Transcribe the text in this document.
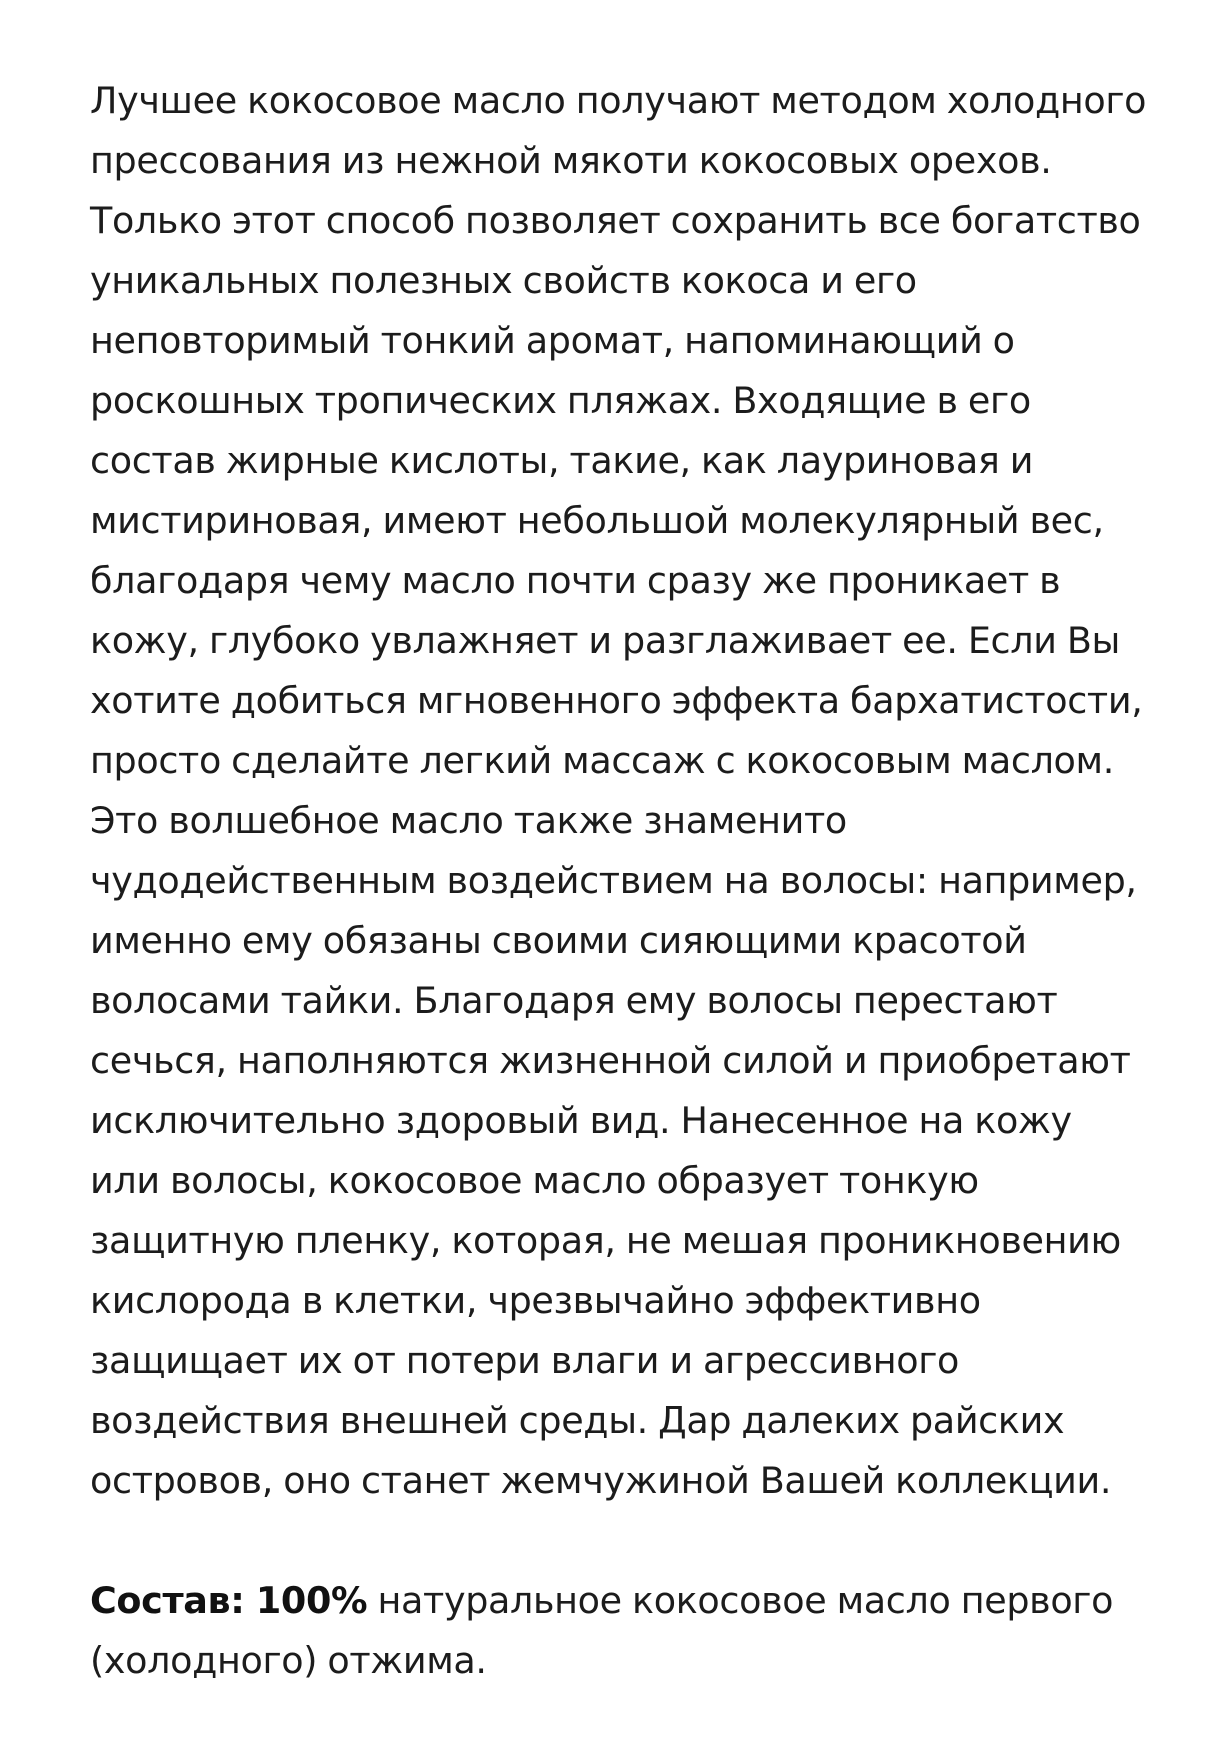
Лучшее кокосовое масло получают методом холодного
прессования из нежной мякоти кокосовых орехов.
Только этот способ позволяет сохранить все богатство
уникальных полезных свойств кокоса и его
неповторимый тонкий аромат, напоминающий о
роскошных тропических пляжах. Входящие в его
состав жирные кислоты, такие, как лауриновая и
мистириновая, имеют небольшой молекулярный вес,
благодаря чему масло почти сразу же проникает в
кожу, глубоко увлажняет и разглаживает ее. Если Вы
хотите добиться мгновенного эффекта бархатистости,
просто сделайте легкий массаж с кокосовым маслом.
Это волшебное масло также знаменито
чудодейственным воздействием на волосы: например,
именно ему обязаны своими сияющими красотой
волосами тайки. Благодаря ему волосы перестают
сечься, наполняются жизненной силой и приобретают
исключительно здоровый вид. Нанесенное на кожу
или волосы, кокосовое масло образует тонкую
защитную пленку, которая, не мешая проникновению
кислорода в клетки, чрезвычайно эффективно
защищает их от потери влаги и агрессивного
воздействия внешней среды. Дар далеких райских
островов, оно станет жемчужиной Вашей коллекции.
Состав: 100% натуральное кокосовое масло первого
(холодного) отжима.
